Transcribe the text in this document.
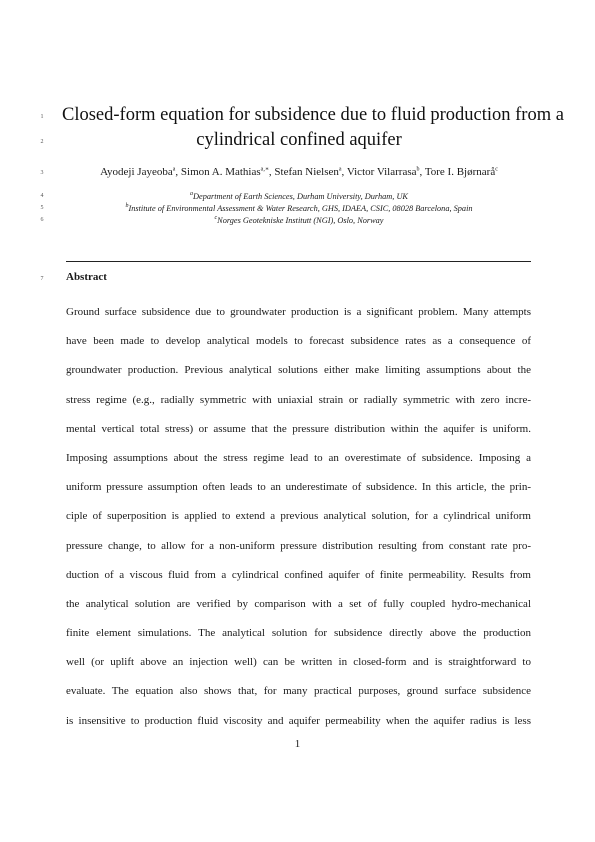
1
2
3
4
5
6
7
Closed-form equation for subsidence due to fluid production from a
cylindrical confined aquifer
Ayodeji Jayeoba$^a$, Simon A. Mathias$^{a,∗}$, Stefan Nielsen$^a$, Victor Vilarrasa$^b$, Tore I. Bjørnarå$^c$
$^a$Department of Earth Sciences, Durham University, Durham, UK
$^b$Institute of Environmental Assessment & Water Research, GHS, IDAEA, CSIC, 08028 Barcelona, Spain
$^c$Norges Geotekniske Institutt (NGI), Oslo, Norway
Abstract
Ground surface subsidence due to groundwater production is a significant problem. Many attempts
have been made to develop analytical models to forecast subsidence rates as a consequence of
groundwater production. Previous analytical solutions either make limiting assumptions about the
stress regime (e.g., radially symmetric with uniaxial strain or radially symmetric with zero incre-
mental vertical total stress) or assume that the pressure distribution within the aquifer is uniform.
Imposing assumptions about the stress regime lead to an overestimate of subsidence. Imposing a
uniform pressure assumption often leads to an underestimate of subsidence. In this article, the prin-
ciple of superposition is applied to extend a previous analytical solution, for a cylindrical uniform
pressure change, to allow for a non-uniform pressure distribution resulting from constant rate pro-
duction of a viscous fluid from a cylindrical confined aquifer of finite permeability. Results from
the analytical solution are verified by comparison with a set of fully coupled hydro-mechanical
finite element simulations. The analytical solution for subsidence directly above the production
well (or uplift above an injection well) can be written in closed-form and is straightforward to
evaluate. The equation also shows that, for many practical purposes, ground surface subsidence
is insensitive to production fluid viscosity and aquifer permeability when the aquifer radius is less
1
